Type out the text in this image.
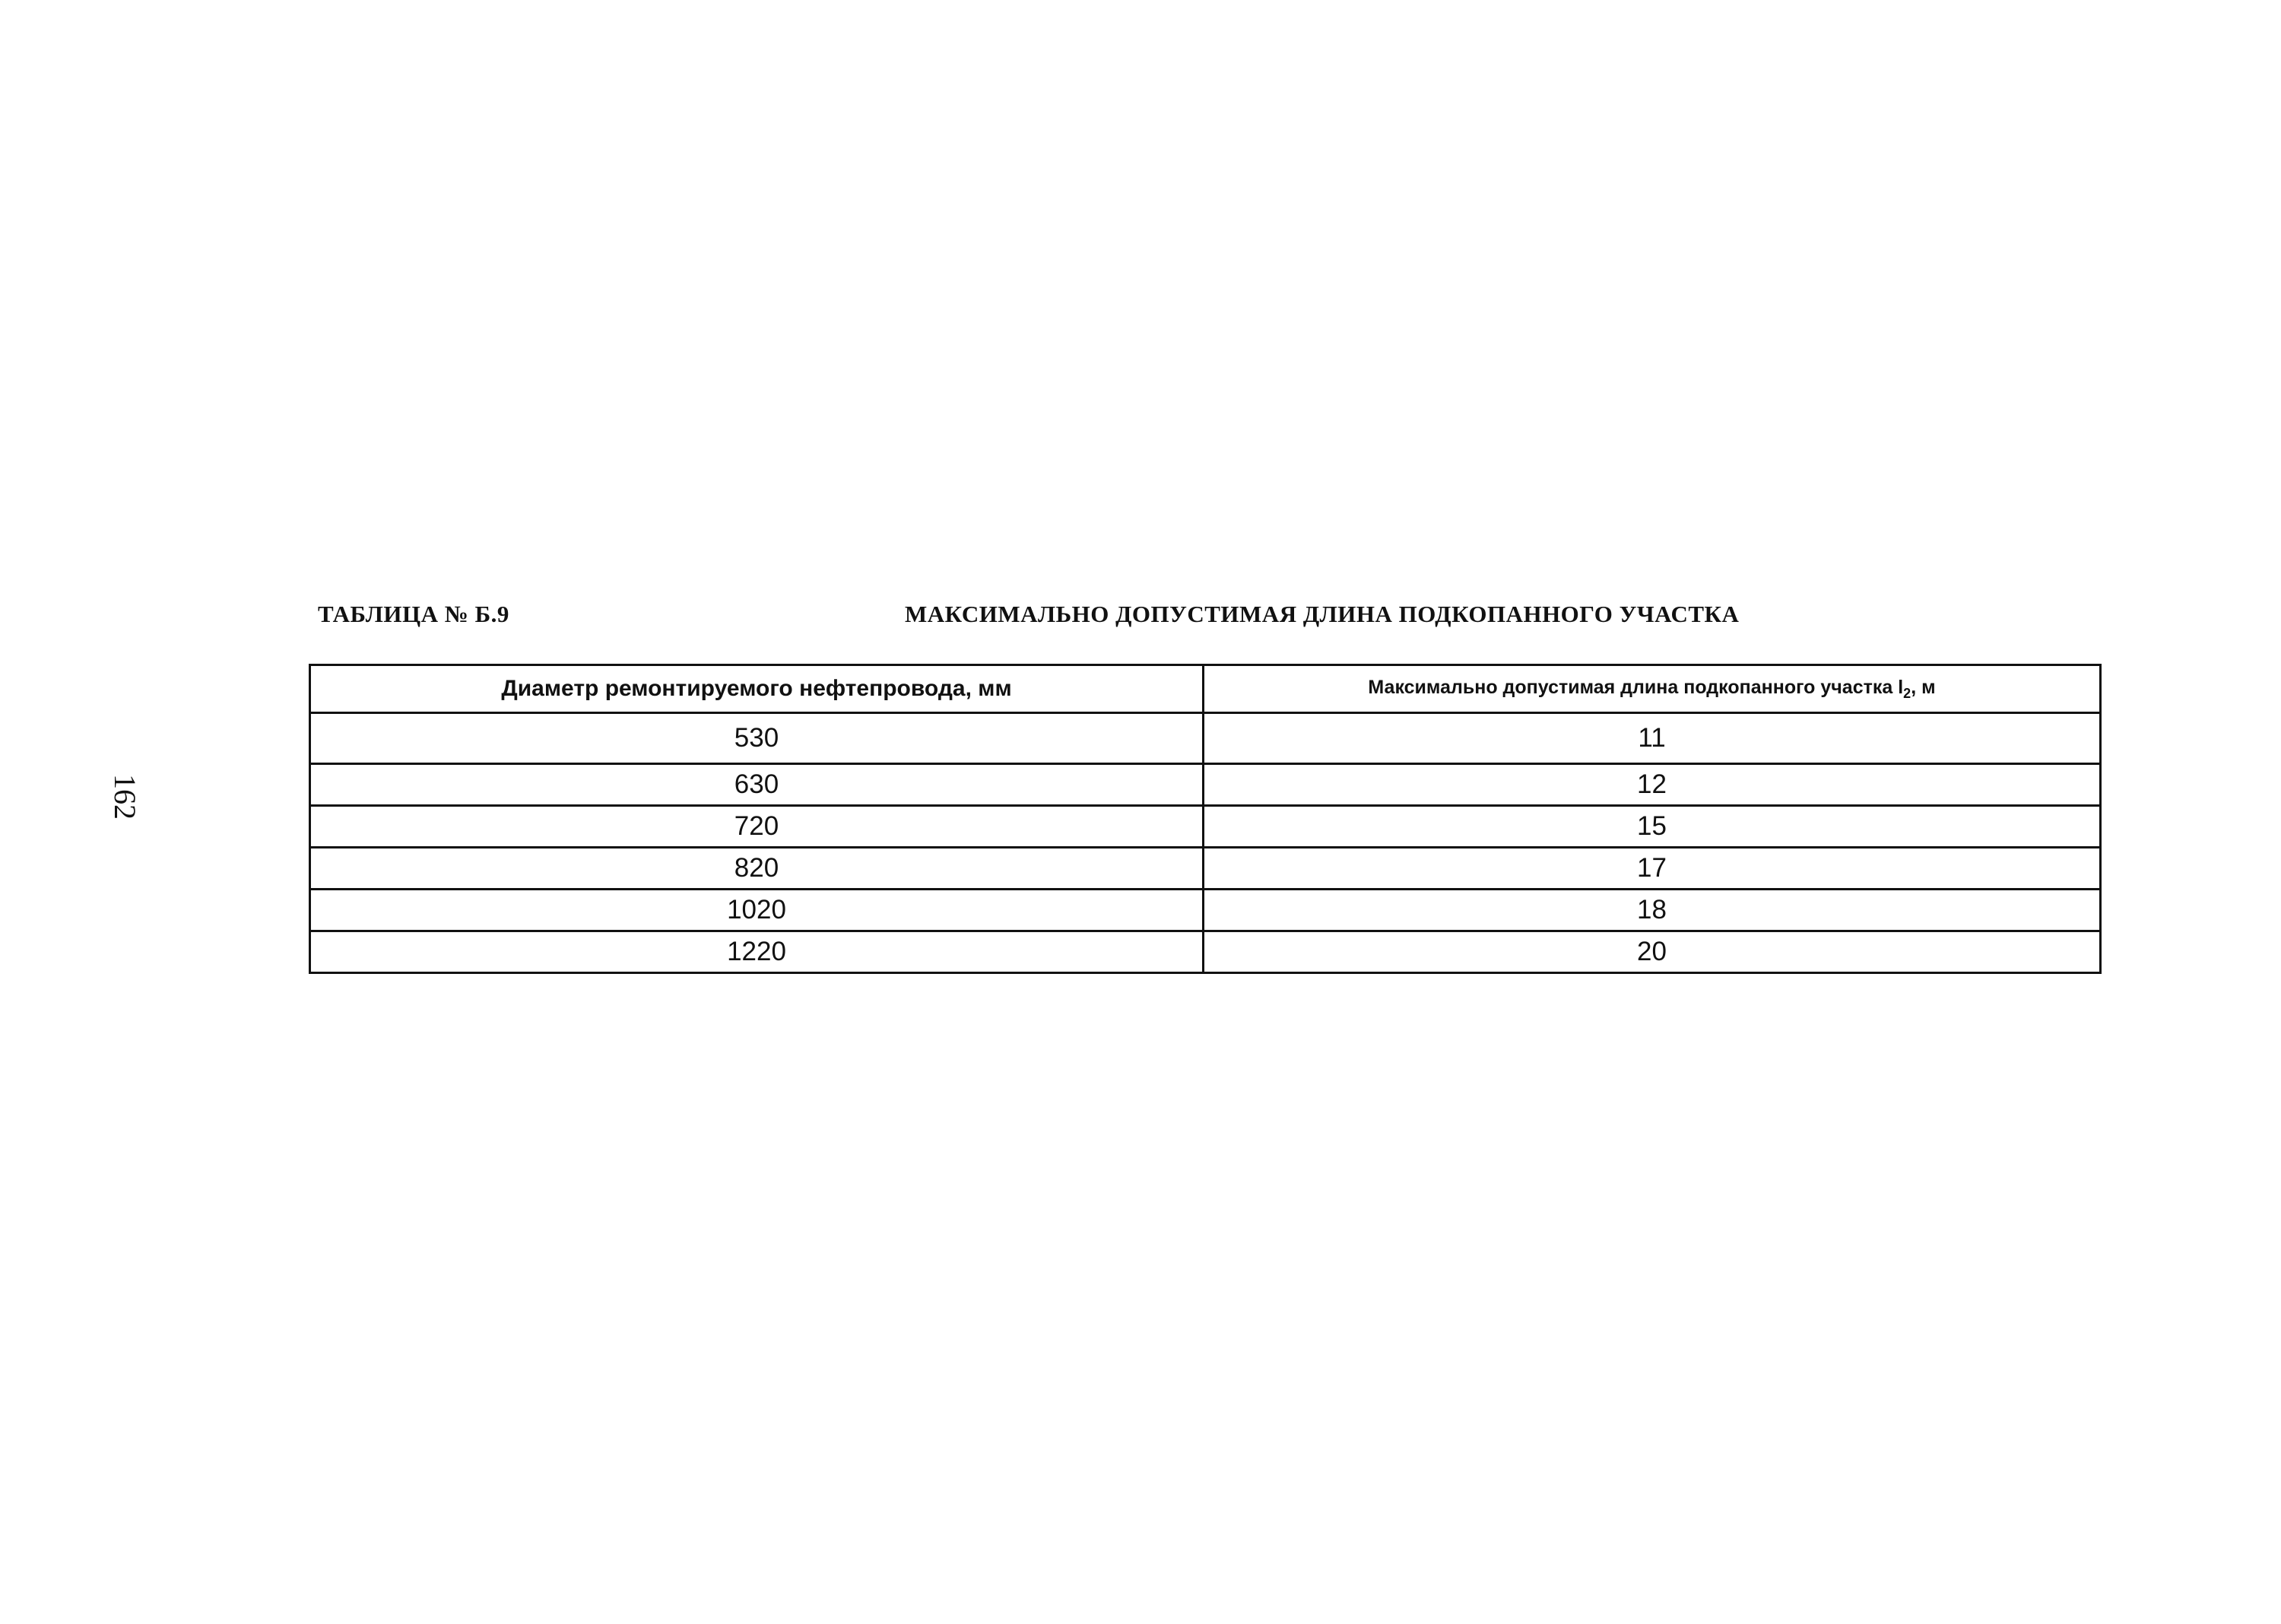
162
ТАБЛИЦА № Б.9	МАКСИМАЛЬНО ДОПУСТИМАЯ ДЛИНА ПОДКОПАННОГО УЧАСТКА
Диаметр ремонтируемого нефтепровода, мм	Максимально допустимая длина подкопанного участка $l_2$, м
530	11
630	12
720	15
820	17
1020	18
1220	20
